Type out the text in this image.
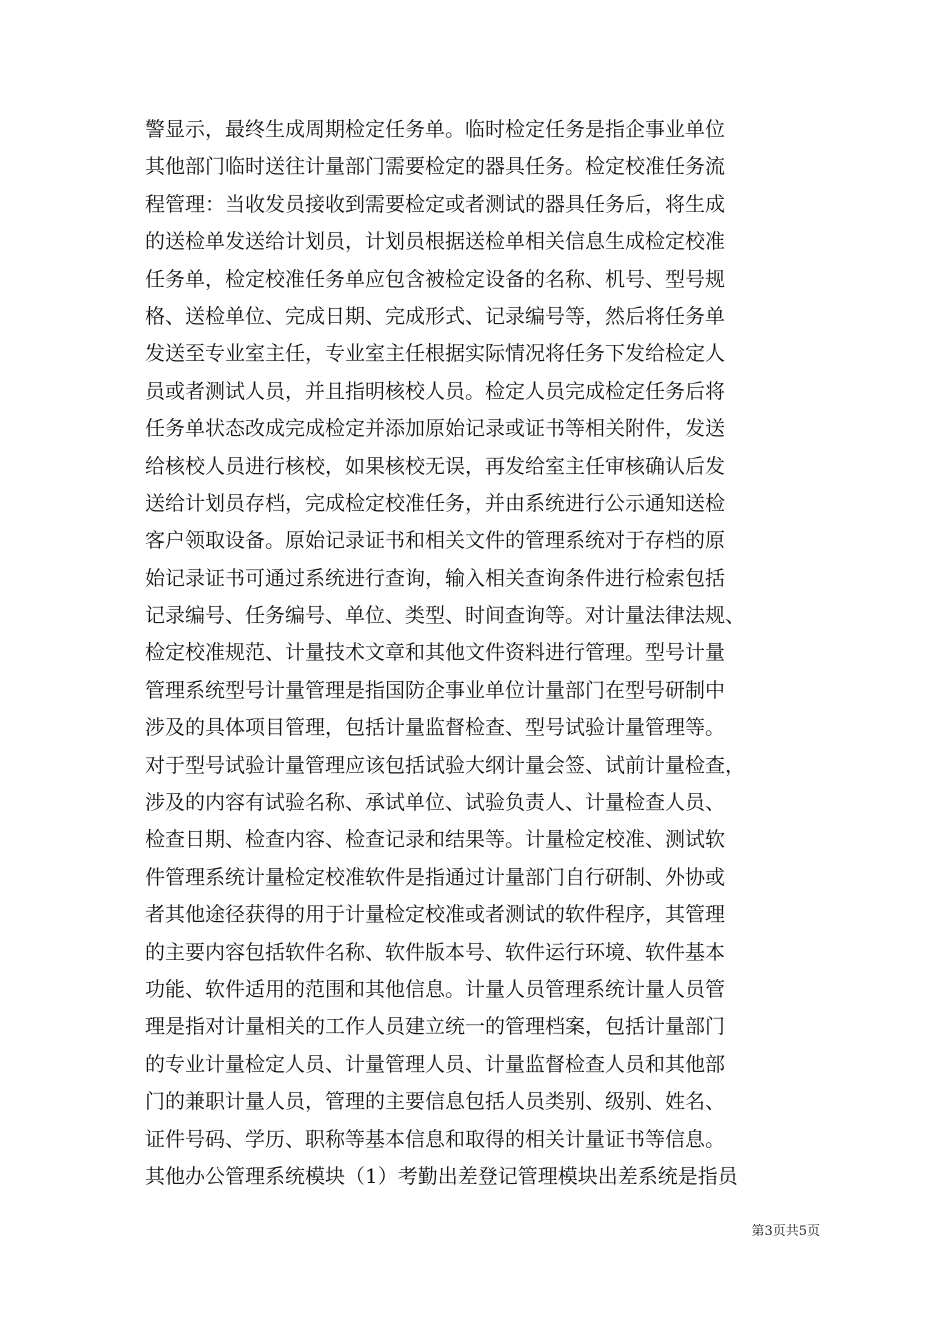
警显示，最终生成周期检定任务单。临时检定任务是指企事业单位
其他部门临时送往计量部门需要检定的器具任务。检定校准任务流
程管理：当收发员接收到需要检定或者测试的器具任务后，将生成
的送检单发送给计划员，计划员根据送检单相关信息生成检定校准
任务单，检定校准任务单应包含被检定设备的名称、机号、型号规
格、送检单位、完成日期、完成形式、记录编号等，然后将任务单
发送至专业室主任，专业室主任根据实际情况将任务下发给检定人
员或者测试人员，并且指明核校人员。检定人员完成检定任务后将
任务单状态改成完成检定并添加原始记录或证书等相关附件，发送
给核校人员进行核校，如果核校无误，再发给室主任审核确认后发
送给计划员存档，完成检定校准任务，并由系统进行公示通知送检
客户领取设备。原始记录证书和相关文件的管理系统对于存档的原
始记录证书可通过系统进行查询，输入相关查询条件进行检索包括
记录编号、任务编号、单位、类型、时间查询等。对计量法律法规、
检定校准规范、计量技术文章和其他文件资料进行管理。型号计量
管理系统型号计量管理是指国防企事业单位计量部门在型号研制中
涉及的具体项目管理，包括计量监督检查、型号试验计量管理等。
对于型号试验计量管理应该包括试验大纲计量会签、试前计量检查，
涉及的内容有试验名称、承试单位、试验负责人、计量检查人员、
检查日期、检查内容、检查记录和结果等。计量检定校准、测试软
件管理系统计量检定校准软件是指通过计量部门自行研制、外协或
者其他途径获得的用于计量检定校准或者测试的软件程序，其管理
的主要内容包括软件名称、软件版本号、软件运行环境、软件基本
功能、软件适用的范围和其他信息。计量人员管理系统计量人员管
理是指对计量相关的工作人员建立统一的管理档案，包括计量部门
的专业计量检定人员、计量管理人员、计量监督检查人员和其他部
门的兼职计量人员，管理的主要信息包括人员类别、级别、姓名、
证件号码、学历、职称等基本信息和取得的相关计量证书等信息。
其他办公管理系统模块（1）考勤出差登记管理模块出差系统是指员
第3页共5页
